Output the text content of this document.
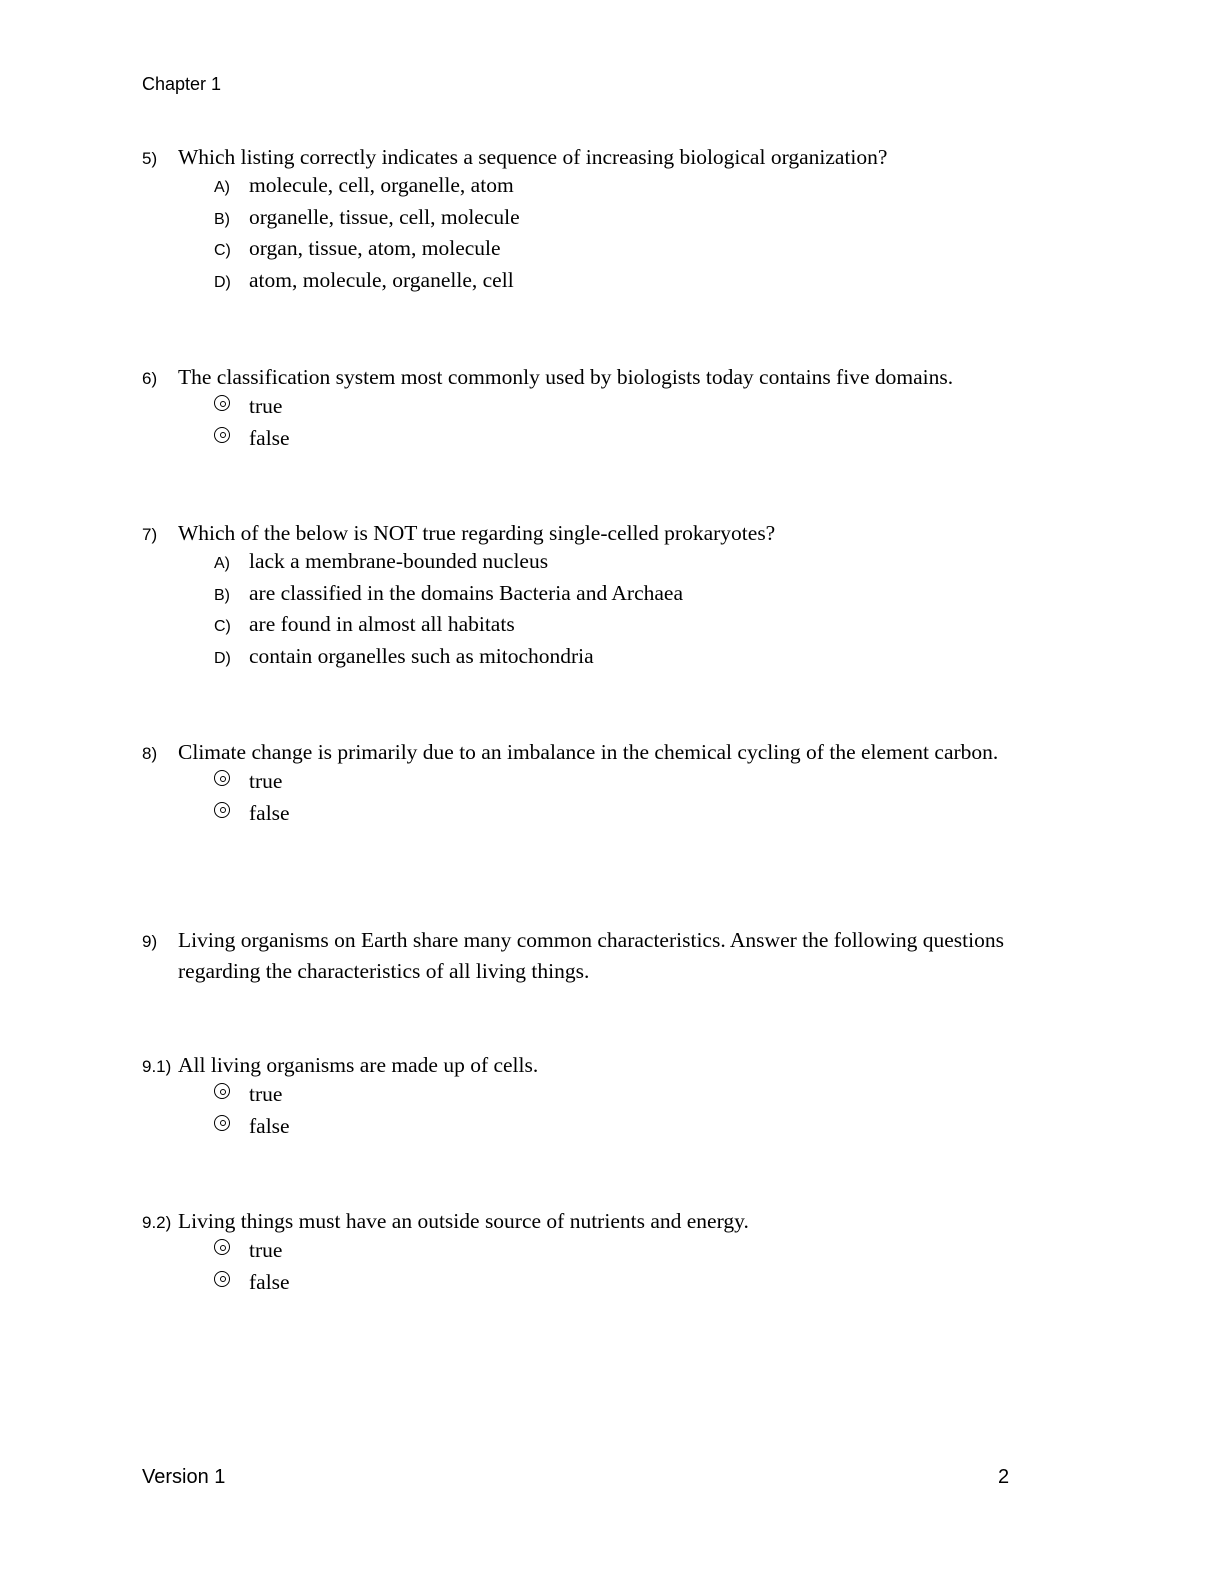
Chapter 1
5) Which listing correctly indicates a sequence of increasing biological organization?
A) molecule, cell, organelle, atom
B) organelle, tissue, cell, molecule
C) organ, tissue, atom, molecule
D) atom, molecule, organelle, cell
6) The classification system most commonly used by biologists today contains five domains.
true
false
7) Which of the below is NOT true regarding single-celled prokaryotes?
A) lack a membrane-bounded nucleus
B) are classified in the domains Bacteria and Archaea
C) are found in almost all habitats
D) contain organelles such as mitochondria
8) Climate change is primarily due to an imbalance in the chemical cycling of the element carbon.
true
false
9) Living organisms on Earth share many common characteristics. Answer the following questions regarding the characteristics of all living things.
9.1) All living organisms are made up of cells.
true
false
9.2) Living things must have an outside source of nutrients and energy.
true
false
Version 1	2
